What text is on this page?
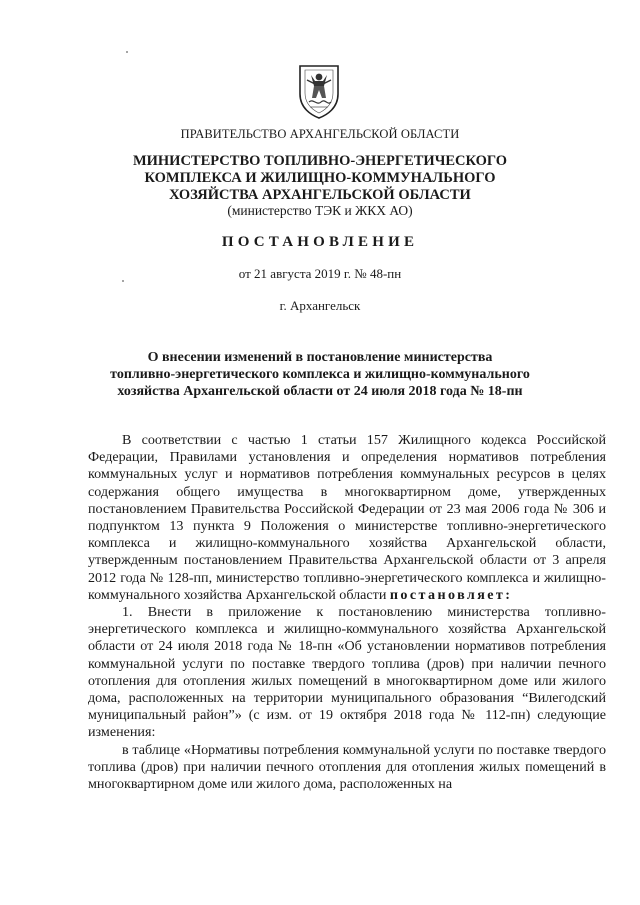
ПРАВИТЕЛЬСТВО АРХАНГЕЛЬСКОЙ ОБЛАСТИ
МИНИСТЕРСТВО ТОПЛИВНО-ЭНЕРГЕТИЧЕСКОГО
КОМПЛЕКСА И ЖИЛИЩНО-КОММУНАЛЬНОГО
ХОЗЯЙСТВА АРХАНГЕЛЬСКОЙ ОБЛАСТИ
(министерство ТЭК и ЖКХ АО)
ПОСТАНОВЛЕНИЕ
от 21 августа 2019 г. № 48-пн
г. Архангельск
О внесении изменений в постановление министерства
топливно-энергетического комплекса и жилищно-коммунального
хозяйства Архангельской области от 24 июля 2018 года № 18-пн

В соответствии с частью 1 статьи 157 Жилищного кодекса Российской Федерации, Правилами установления и определения нормативов потребления коммунальных услуг и нормативов потребления коммунальных ресурсов в целях содержания общего имущества в многоквартирном доме, утвержденных постановлением Правительства Российской Федерации от 23 мая 2006 года № 306 и подпунктом 13 пункта 9 Положения о министерстве топливно-энергетического комплекса и жилищно-коммунального хозяйства Архангельской области, утвержденным постановлением Правительства Архангельской области от 3 апреля 2012 года № 128-пп, министерство топливно-энергетического комплекса и жилищно-коммунального хозяйства Архангельской области постановляет:

1. Внести в приложение к постановлению министерства топливно-энергетического комплекса и жилищно-коммунального хозяйства Архангельской области от 24 июля 2018 года № 18-пн «Об установлении нормативов потребления коммунальной услуги по поставке твердого топлива (дров) при наличии печного отопления для отопления жилых помещений в многоквартирном доме или жилого дома, расположенных на территории муниципального образования “Вилегодский муниципальный район”» (с изм. от 19 октября 2018 года № 112-пн) следующие изменения:

в таблице «Нормативы потребления коммунальной услуги по поставке твердого топлива (дров) при наличии печного отопления для отопления жилых помещений в многоквартирном доме или жилого дома, расположенных на
